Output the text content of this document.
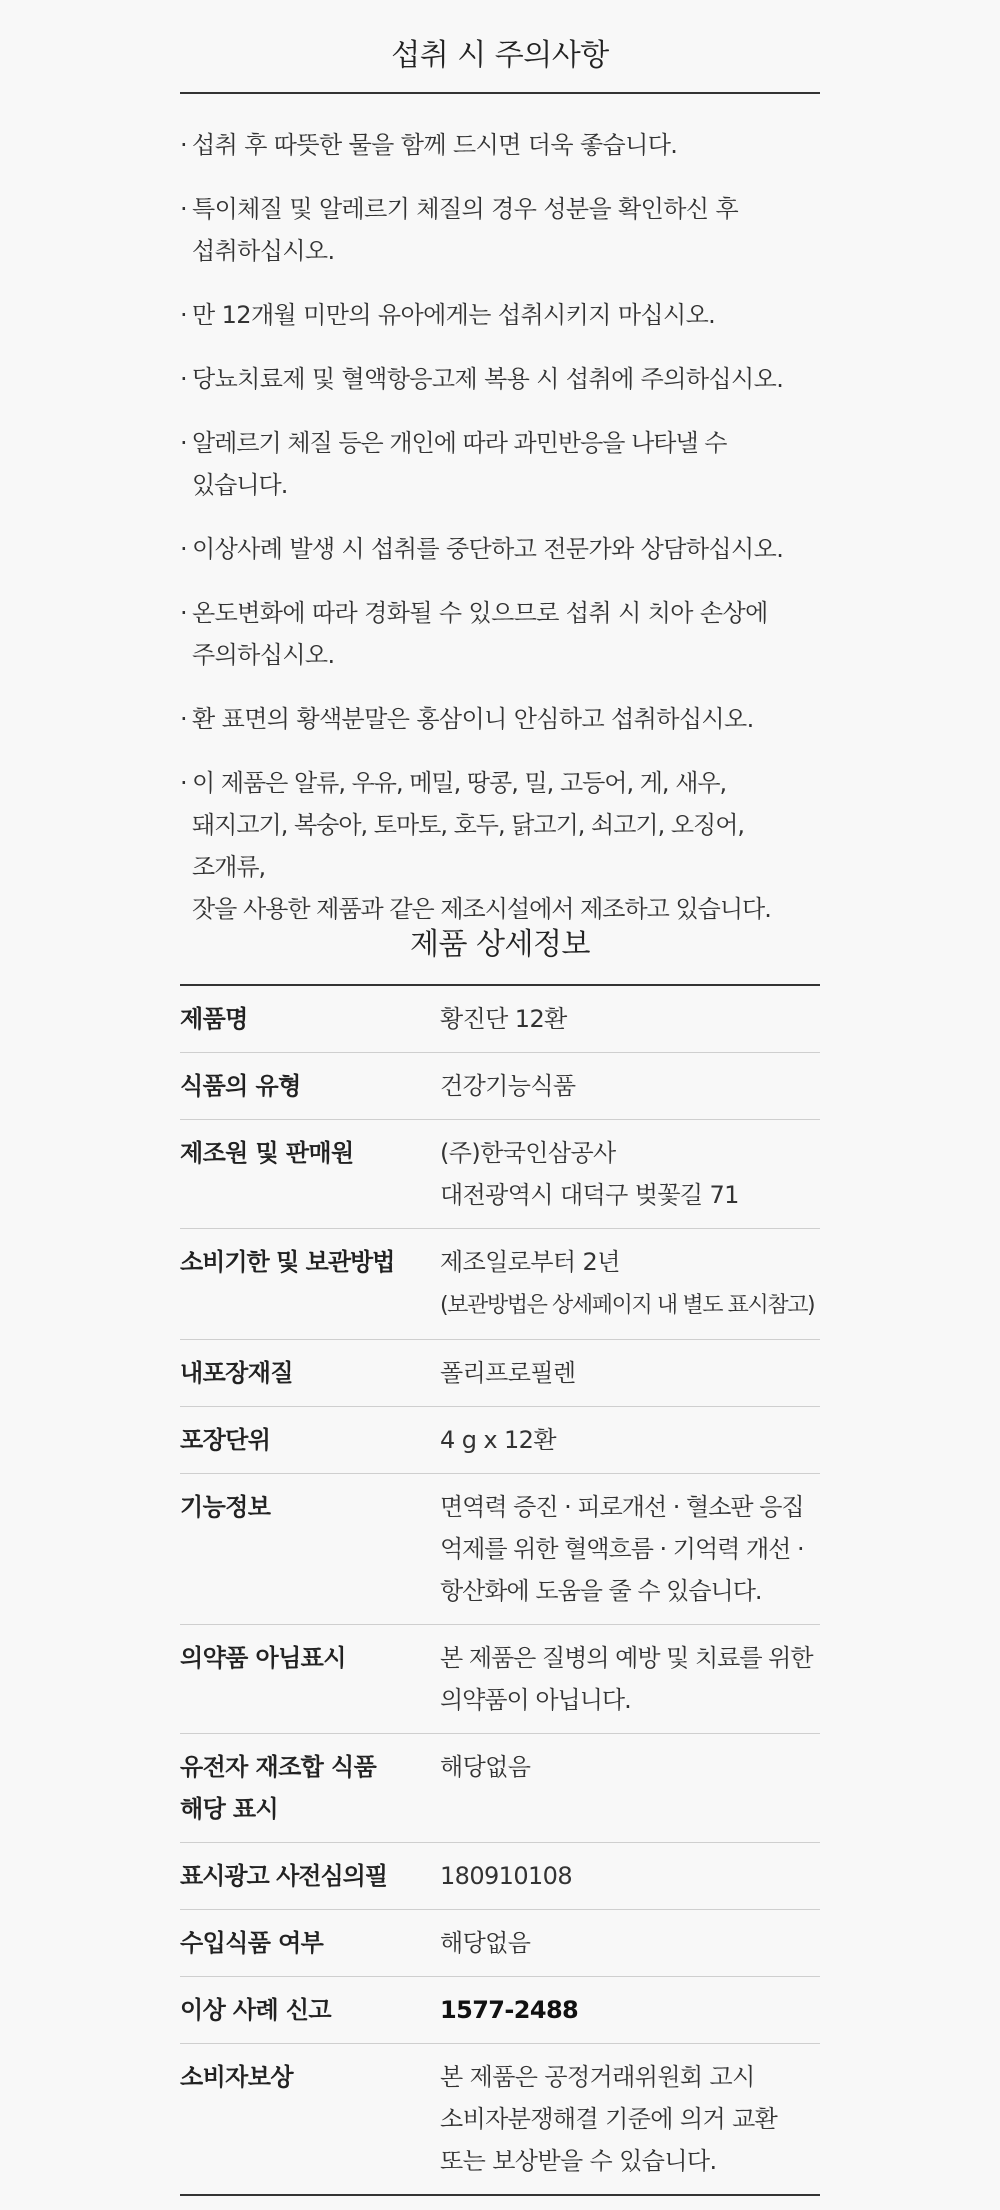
섭취 시 주의사항
· 섭취 후 따뜻한 물을 함께 드시면 더욱 좋습니다.
· 특이체질 및 알레르기 체질의 경우 성분을 확인하신 후
섭취하십시오.
· 만 12개월 미만의 유아에게는 섭취시키지 마십시오.
· 당뇨치료제 및 혈액항응고제 복용 시 섭취에 주의하십시오.
· 알레르기 체질 등은 개인에 따라 과민반응을 나타낼 수 있습니다.
· 이상사례 발생 시 섭취를 중단하고 전문가와 상담하십시오.
· 온도변화에 따라 경화될 수 있으므로 섭취 시 치아 손상에
주의하십시오.
· 환 표면의 황색분말은 홍삼이니 안심하고 섭취하십시오.
· 이 제품은 알류, 우유, 메밀, 땅콩, 밀, 고등어, 게, 새우,
돼지고기, 복숭아, 토마토, 호두, 닭고기, 쇠고기, 오징어, 조개류,
잣을 사용한 제품과 같은 제조시설에서 제조하고 있습니다.
제품 상세정보
제품명	황진단 12환
식품의 유형	건강기능식품
제조원 및 판매원	(주)한국인삼공사
대전광역시 대덕구 벚꽃길 71
소비기한 및 보관방법	제조일로부터 2년
(보관방법은 상세페이지 내 별도 표시참고)
내포장재질	폴리프로필렌
포장단위	4 g x 12환
기능정보	면역력 증진 · 피로개선 · 혈소판 응집
억제를 위한 혈액흐름 · 기억력 개선 ·
항산화에 도움을 줄 수 있습니다.
의약품 아님표시	본 제품은 질병의 예방 및 치료를 위한
의약품이 아닙니다.
유전자 재조합 식품
해당 표시	해당없음
표시광고 사전심의필	180910108
수입식품 여부	해당없음
이상 사례 신고	1577-2488
소비자보상	본 제품은 공정거래위원회 고시
소비자분쟁해결 기준에 의거 교환
또는 보상받을 수 있습니다.
